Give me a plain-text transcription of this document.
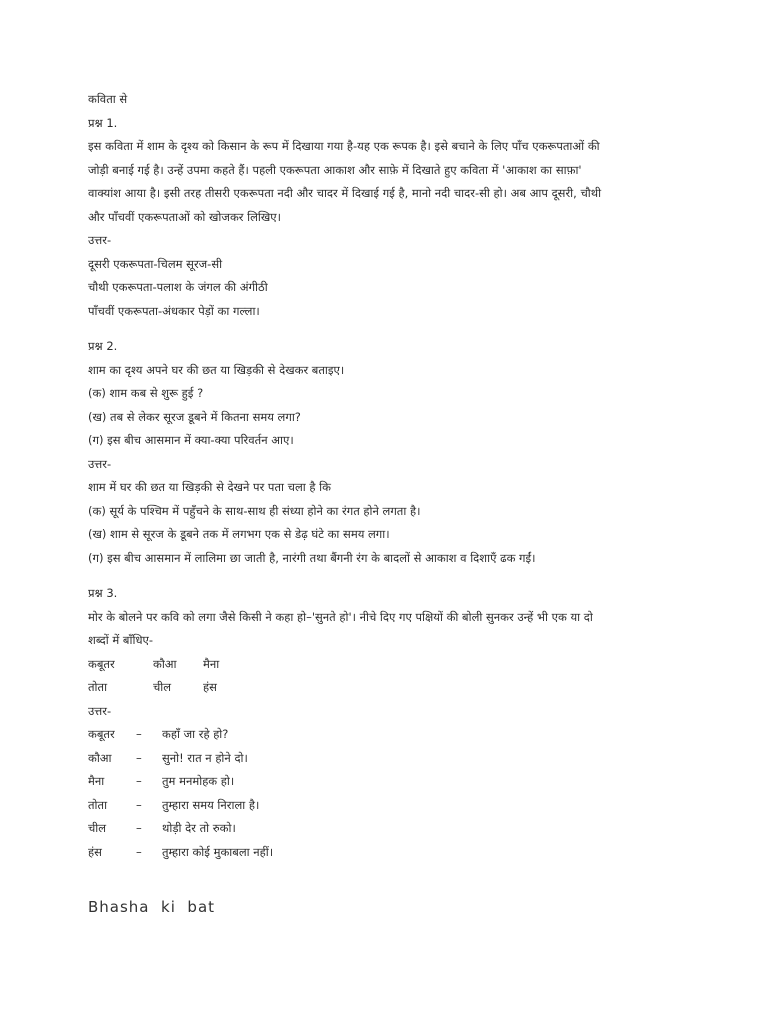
कविता से
प्रश्न 1.
इस कविता में शाम के दृश्य को किसान के रूप में दिखाया गया है-यह एक रूपक है। इसे बचाने के लिए पाँच एकरूपताओं की
जोड़ी बनाई गई है। उन्हें उपमा कहते हैं। पहली एकरूपता आकाश और साफ़े में दिखाते हुए कविता में 'आकाश का साफ़ा'
वाक्यांश आया है। इसी तरह तीसरी एकरूपता नदी और चादर में दिखाई गई है, मानो नदी चादर-सी हो। अब आप दूसरी, चौथी
और पाँचवीं एकरूपताओं को खोजकर लिखिए।
उत्तर-
दूसरी एकरूपता-चिलम सूरज-सी
चौथी एकरूपता-पलाश के जंगल की अंगीठी
पाँचवीं एकरूपता-अंधकार पेड़ों का गल्ला।
प्रश्न 2.
शाम का दृश्य अपने घर की छत या खिड़की से देखकर बताइए।
(क) शाम कब से शुरू हुई ?
(ख) तब से लेकर सूरज डूबने में कितना समय लगा?
(ग) इस बीच आसमान में क्या-क्या परिवर्तन आए।
उत्तर-
शाम में घर की छत या खिड़की से देखने पर पता चला है कि
(क) सूर्य के पश्चिम में पहुँचने के साथ-साथ ही संध्या होने का रंगत होने लगता है।
(ख) शाम से सूरज के डूबने तक में लगभग एक से डेढ़ घंटे का समय लगा।
(ग) इस बीच आसमान में लालिमा छा जाती है, नारंगी तथा बैंगनी रंग के बादलों से आकाश व दिशाएँ ढक गईं।
प्रश्न 3.
मोर के बोलने पर कवि को लगा जैसे किसी ने कहा हो–'सुनते हो'। नीचे दिए गए पक्षियों की बोली सुनकर उन्हें भी एक या दो
शब्दों में बाँधिए-
कबूतर	कौआ मैना
तोता	चील	हंस
उत्तर-
कबूतर	–	कहाँ जा रहे हो?
कौआ	–	सुनो! रात न होने दो।
मैना	–	तुम मनमोहक हो।
तोता	–	तुम्हारा समय निराला है।
चील	–	थोड़ी देर तो रुको।
हंस	–	तुम्हारा कोई मुकाबला नहीं।
Bhasha  ki  bat
